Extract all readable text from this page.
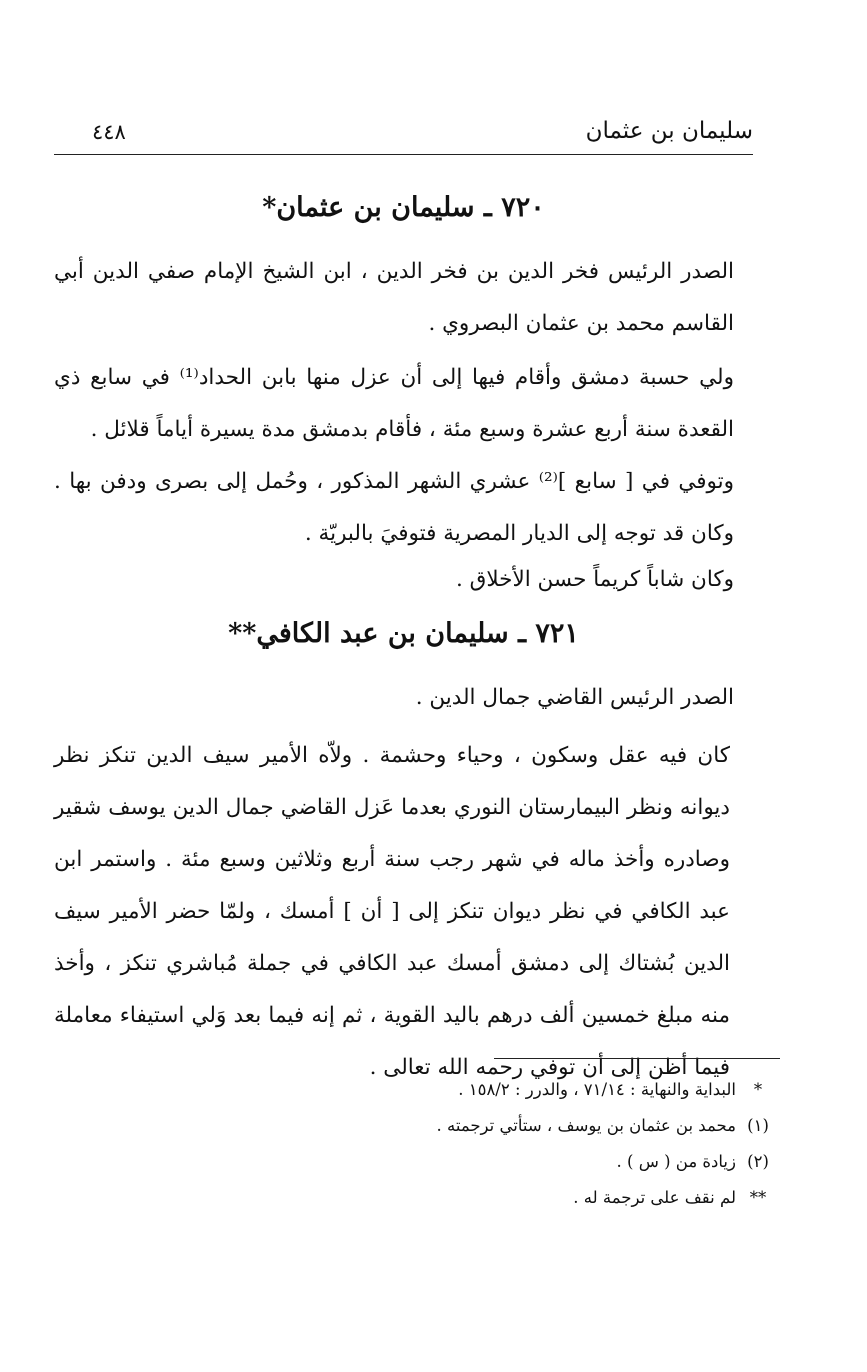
سليمان بن عثمان
٤٤٨
٧٢٠ ـ سليمان بن عثمان*
الصدر الرئيس فخر الدين بن فخر الدين ، ابن الشيخ الإمام صفي الدين أبي القاسم محمد بن عثمان البصروي .
ولي حسبة دمشق وأقام فيها إلى أن عزل منها بابن الحداد⁽¹⁾ في سابع ذي القعدة سنة أربع عشرة وسبع مئة ، فأقام بدمشق مدة يسيرة أياماً قلائل .
وتوفي في [ سابع ]⁽²⁾ عشري الشهر المذكور ، وحُمل إلى بصرى ودفن بها . وكان قد توجه إلى الديار المصرية فتوفيَ بالبريّة .
وكان شاباً كريماً حسن الأخلاق .
٧٢١ ـ سليمان بن عبد الكافي**
الصدر الرئيس القاضي جمال الدين .
كان فيه عقل وسكون ، وحياء وحشمة . ولاّه الأمير سيف الدين تنكز نظر ديوانه ونظر البيمارستان النوري بعدما عَزل القاضي جمال الدين يوسف شقير وصادره وأخذ ماله في شهر رجب سنة أربع وثلاثين وسبع مئة . واستمر ابن عبد الكافي في نظر ديوان تنكز إلى [ أن ] أمسك ، ولمّا حضر الأمير سيف الدين بُشتاك إلى دمشق أمسك عبد الكافي في جملة مُباشري تنكز ، وأخذ منه مبلغ خمسين ألف درهم باليد القوية ، ثم إنه فيما بعد وَلي استيفاء معاملة فيما أظن إلى أن توفي رحمه الله تعالى .
*
البداية والنهاية : ٧١/١٤ ، والدرر : ١٥٨/٢ .
(١)
محمد بن عثمان بن يوسف ، ستأتي ترجمته .
(٢)
زيادة من ( س ) .
**
لم نقف على ترجمة له .
